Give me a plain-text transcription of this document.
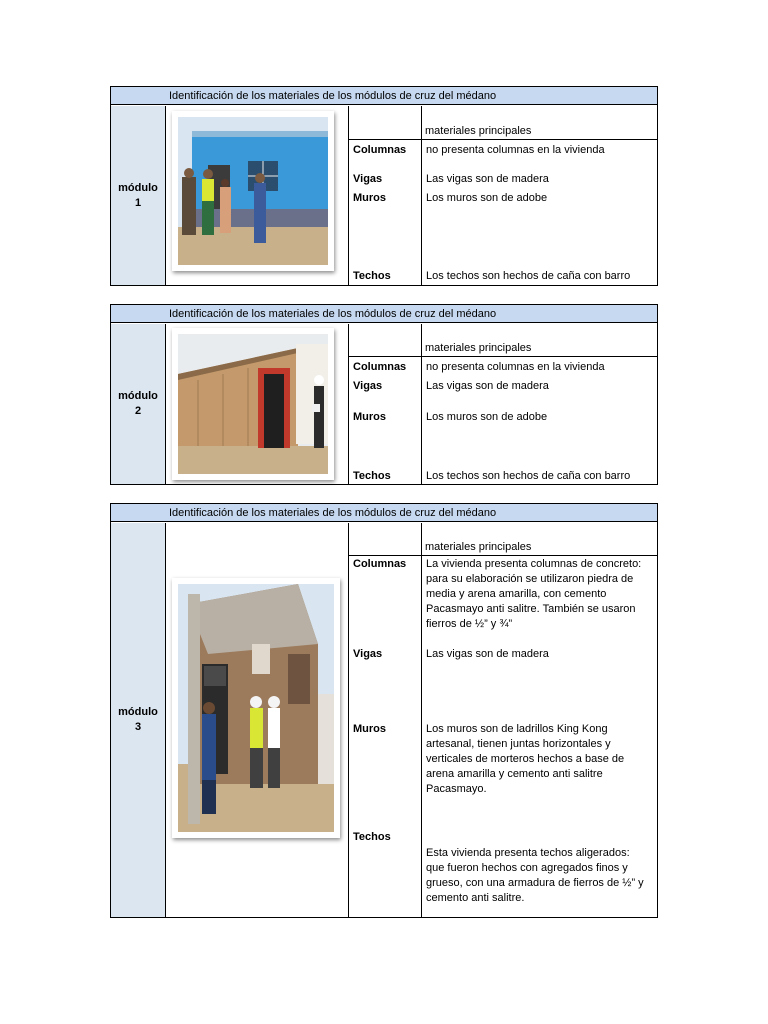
Identificación de los materiales de los módulos de cruz del médano
módulo
1
materiales principales
Columnas no presenta columnas en la vivienda
Vigas	Las vigas son de madera
Muros	Los muros son de adobe
Techos	Los techos son hechos de caña con barro
Identificación de los materiales de los módulos de cruz del médano
módulo
2
materiales principales
Columnas no presenta columnas en la vivienda
Vigas	Las vigas son de madera
Muros	Los muros son de adobe
Techos	Los techos son hechos de caña con barro
Identificación de los materiales de los módulos de cruz del médano
módulo
3
materiales principales
Columnas La vivienda presenta columnas de concreto: para su elaboración se utilizaron piedra de media y arena amarilla, con cemento Pacasmayo anti salitre. También se usaron fierros de ½” y ¾”
Vigas	Las vigas son de madera
Muros	Los muros son de ladrillos King Kong artesanal, tienen juntas horizontales y verticales de morteros hechos a base de arena amarilla y cemento anti salitre Pacasmayo.
Techos
Esta vivienda presenta techos aligerados: que fueron hechos con agregados finos y grueso, con una armadura de fierros de ½” y cemento anti salitre.
